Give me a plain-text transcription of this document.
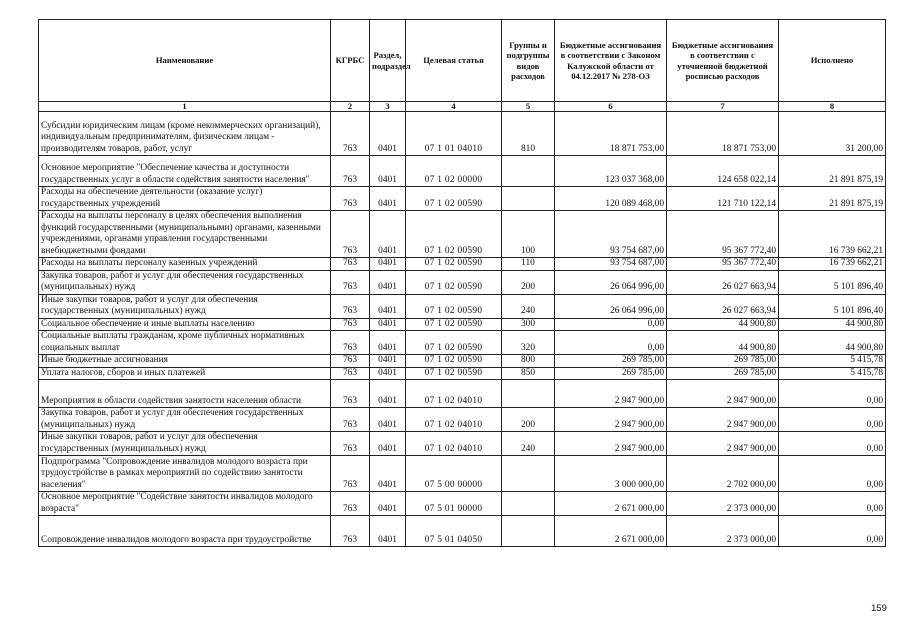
Наименование	КГРБС	Раздел, подраздел	Целевая статья	Группы и подгруппы видов расходов	Бюджетные ассигнования в соответствии с Законом Калужской области от 04.12.2017 № 278-ОЗ	Бюджетные ассигнования в соответствии с уточненной бюджетной росписью расходов	Исполнено
1	2	3	4	5	6	7	8
Субсидии юридическим лицам (кроме некоммерческих организаций), индивидуальным предпринимателям, физическим лицам - производителям товаров, работ, услуг	763	0401	07 1 01 04010	810	18 871 753,00	18 871 753,00	31 200,00
Основное мероприятие "Обеспечение качества и доступности государственных услуг в области содействия занятости населения"	763	0401	07 1 02 00000		123 037 368,00	124 658 022,14	21 891 875,19
Расходы на обеспечение деятельности (оказание услуг) государственных учреждений	763	0401	07 1 02 00590		120 089 468,00	121 710 122,14	21 891 875,19
Расходы на выплаты персоналу в целях обеспечения выполнения функций государственными (муниципальными) органами, казенными учреждениями, органами управления государственными внебюджетными фондами	763	0401	07 1 02 00590	100	93 754 687,00	95 367 772,40	16 739 662,21
Расходы на выплаты персоналу казенных учреждений	763	0401	07 1 02 00590	110	93 754 687,00	95 367 772,40	16 739 662,21
Закупка товаров, работ и услуг для обеспечения государственных (муниципальных) нужд	763	0401	07 1 02 00590	200	26 064 996,00	26 027 663,94	5 101 896,40
Иные закупки товаров, работ и услуг для обеспечения государственных (муниципальных) нужд	763	0401	07 1 02 00590	240	26 064 996,00	26 027 663,94	5 101 896,40
Социальное обеспечение и иные выплаты населению	763	0401	07 1 02 00590	300	0,00	44 900,80	44 900,80
Социальные выплаты гражданам, кроме публичных нормативных социальных выплат	763	0401	07 1 02 00590	320	0,00	44 900,80	44 900,80
Иные бюджетные ассигнования	763	0401	07 1 02 00590	800	269 785,00	269 785,00	5 415,78
Уплата налогов, сборов и иных платежей	763	0401	07 1 02 00590	850	269 785,00	269 785,00	5 415,78
Мероприятия в области содействия занятости населения области	763	0401	07 1 02 04010		2 947 900,00	2 947 900,00	0,00
Закупка товаров, работ и услуг для обеспечения государственных (муниципальных) нужд	763	0401	07 1 02 04010	200	2 947 900,00	2 947 900,00	0,00
Иные закупки товаров, работ и услуг для обеспечения государственных (муниципальных) нужд	763	0401	07 1 02 04010	240	2 947 900,00	2 947 900,00	0,00
Подпрограмма "Сопровождение инвалидов молодого возраста при трудоустройстве в рамках мероприятий по содействию занятости населения"	763	0401	07 5 00 00000		3 000 000,00	2 702 000,00	0,00
Основное мероприятие "Содействие занятости инвалидов молодого возраста"	763	0401	07 5 01 00000		2 671 000,00	2 373 000,00	0,00
Сопровождение инвалидов молодого возраста при трудоустройстве	763	0401	07 5 01 04050		2 671 000,00	2 373 000,00	0,00
159
